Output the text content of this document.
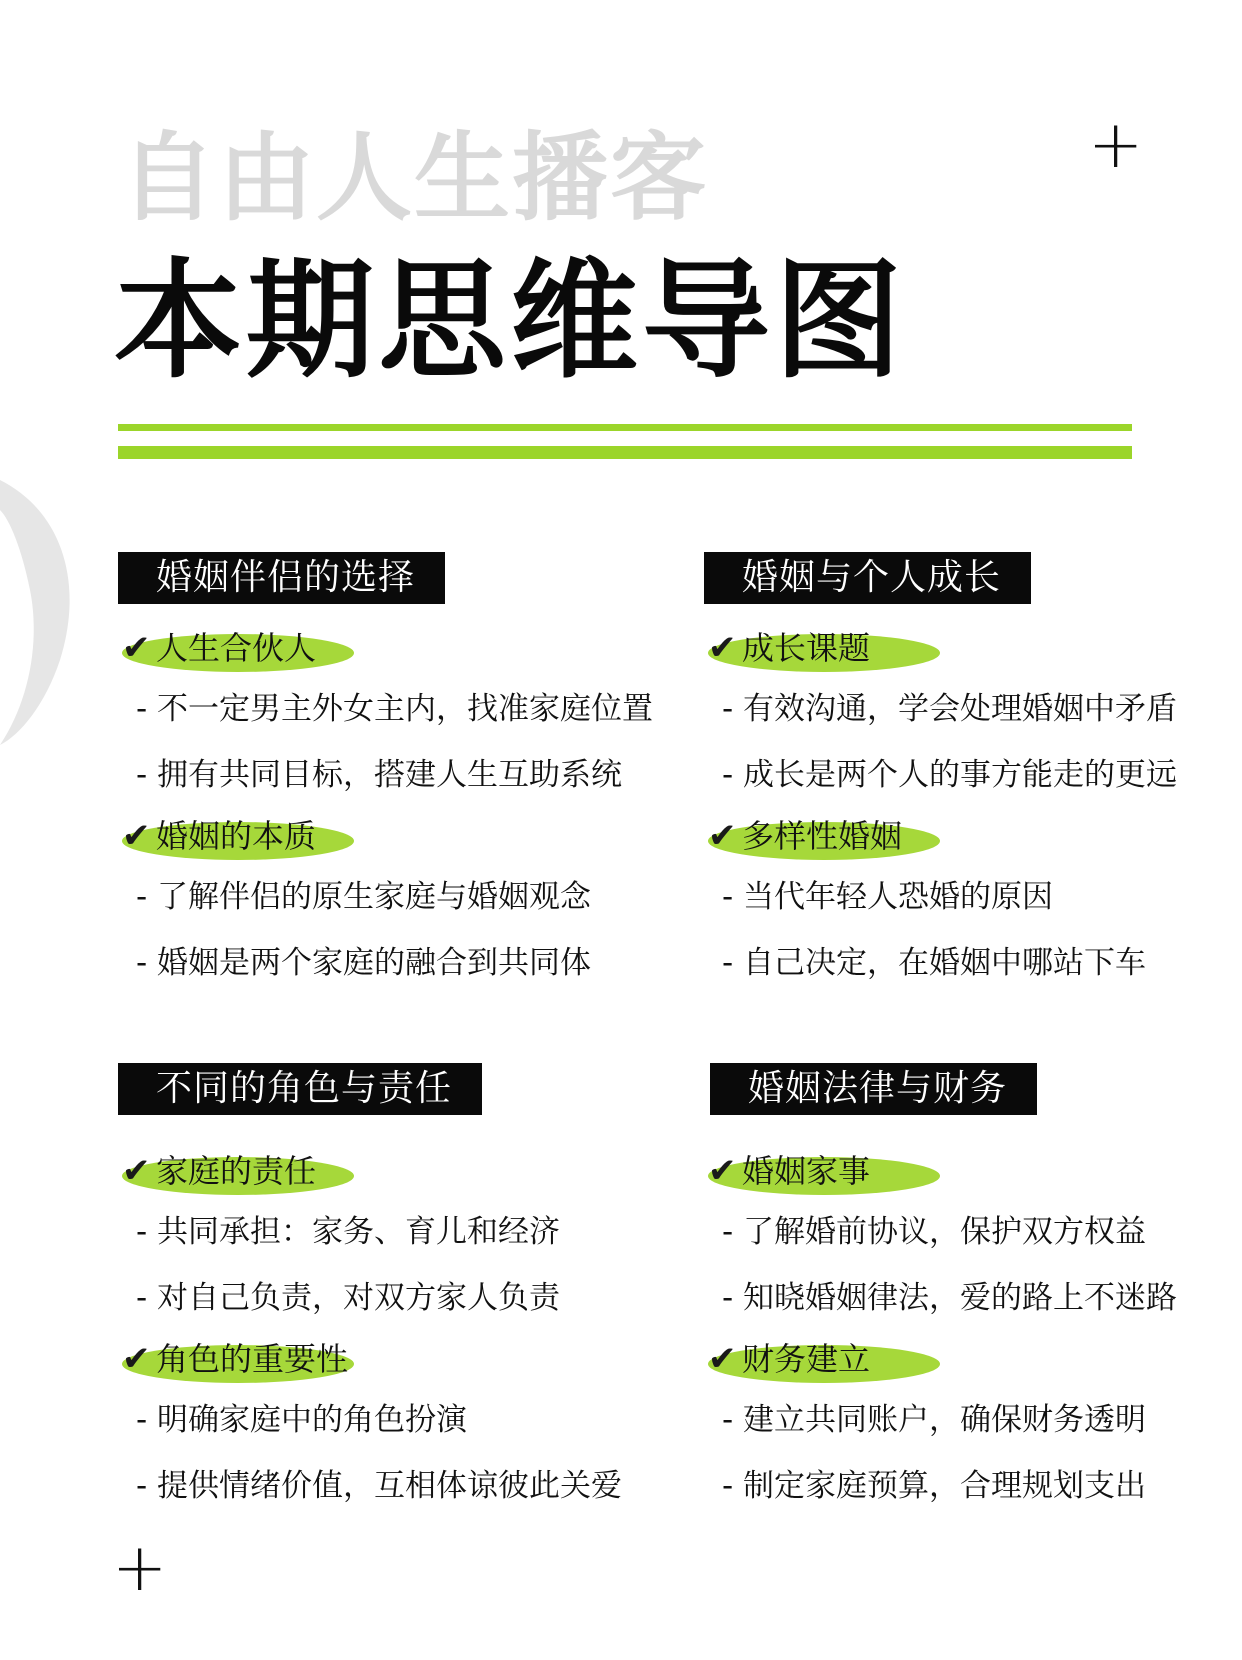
+
自由人生播客
本期思维导图
婚姻伴侣的选择
✔ 人生合伙人
- 不一定男主外女主内，找准家庭位置
- 拥有共同目标，搭建人生互助系统
✔ 婚姻的本质
- 了解伴侣的原生家庭与婚姻观念
- 婚姻是两个家庭的融合到共同体
婚姻与个人成长
✔ 成长课题
- 有效沟通，学会处理婚姻中矛盾
- 成长是两个人的事方能走的更远
✔ 多样性婚姻
- 当代年轻人恐婚的原因
- 自己决定，在婚姻中哪站下车
不同的角色与责任
✔ 家庭的责任
- 共同承担：家务、育儿和经济
- 对自己负责，对双方家人负责
✔ 角色的重要性
- 明确家庭中的角色扮演
- 提供情绪价值，互相体谅彼此关爱
婚姻法律与财务
✔ 婚姻家事
- 了解婚前协议，保护双方权益
- 知晓婚姻律法，爱的路上不迷路
✔ 财务建立
- 建立共同账户，确保财务透明
- 制定家庭预算，合理规划支出
+
